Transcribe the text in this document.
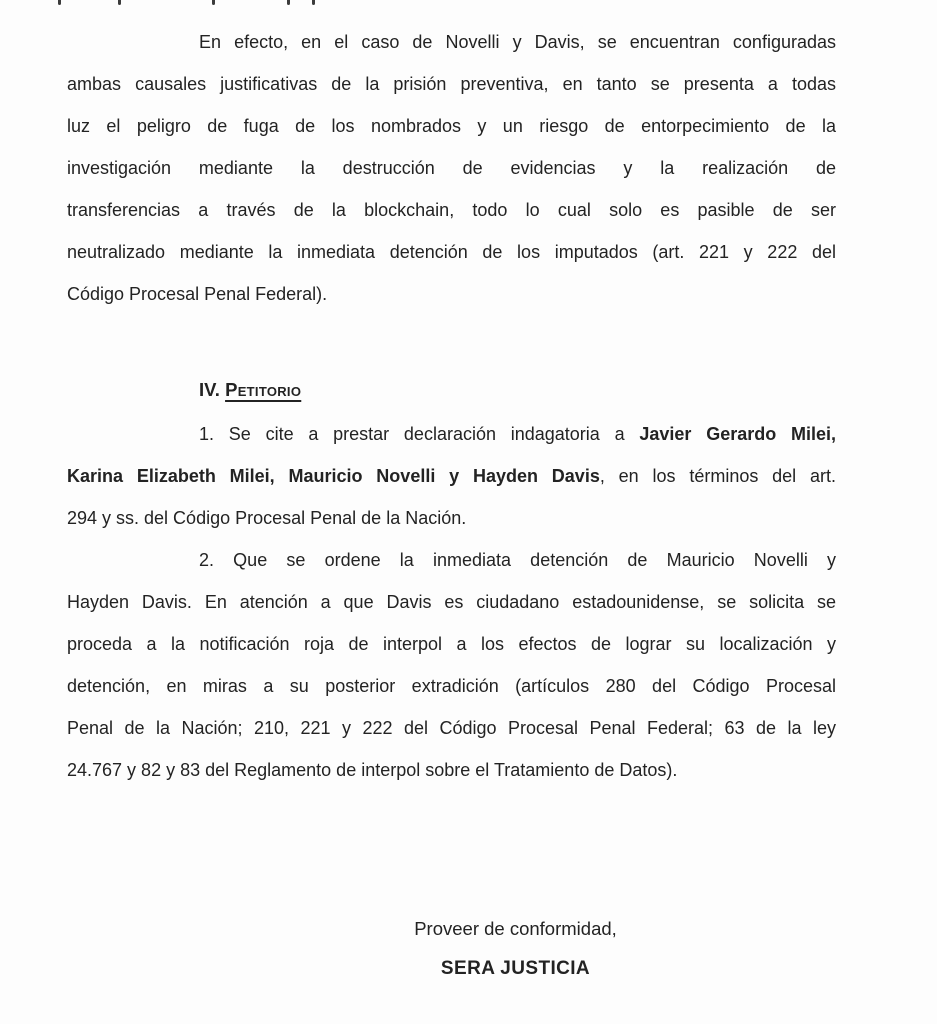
En efecto, en el caso de Novelli y Davis, se encuentran configuradas
ambas causales justificativas de la prisión preventiva, en tanto se presenta a todas
luz el peligro de fuga de los nombrados y un riesgo de entorpecimiento de la
investigación mediante la destrucción de evidencias y la realización de
transferencias a través de la blockchain, todo lo cual solo es pasible de ser
neutralizado mediante la inmediata detención de los imputados (art. 221 y 222 del
Código Procesal Penal Federal).
IV. Petitorio
1. Se cite a prestar declaración indagatoria a Javier Gerardo Milei,
Karina Elizabeth Milei, Mauricio Novelli y Hayden Davis, en los términos del art.
294 y ss. del Código Procesal Penal de la Nación.
2. Que se ordene la inmediata detención de Mauricio Novelli y
Hayden Davis. En atención a que Davis es ciudadano estadounidense, se solicita se
proceda a la notificación roja de interpol a los efectos de lograr su localización y
detención, en miras a su posterior extradición (artículos 280 del Código Procesal
Penal de la Nación; 210, 221 y 222 del Código Procesal Penal Federal; 63 de la ley
24.767 y 82 y 83 del Reglamento de interpol sobre el Tratamiento de Datos).
Proveer de conformidad,
SERA JUSTICIA
